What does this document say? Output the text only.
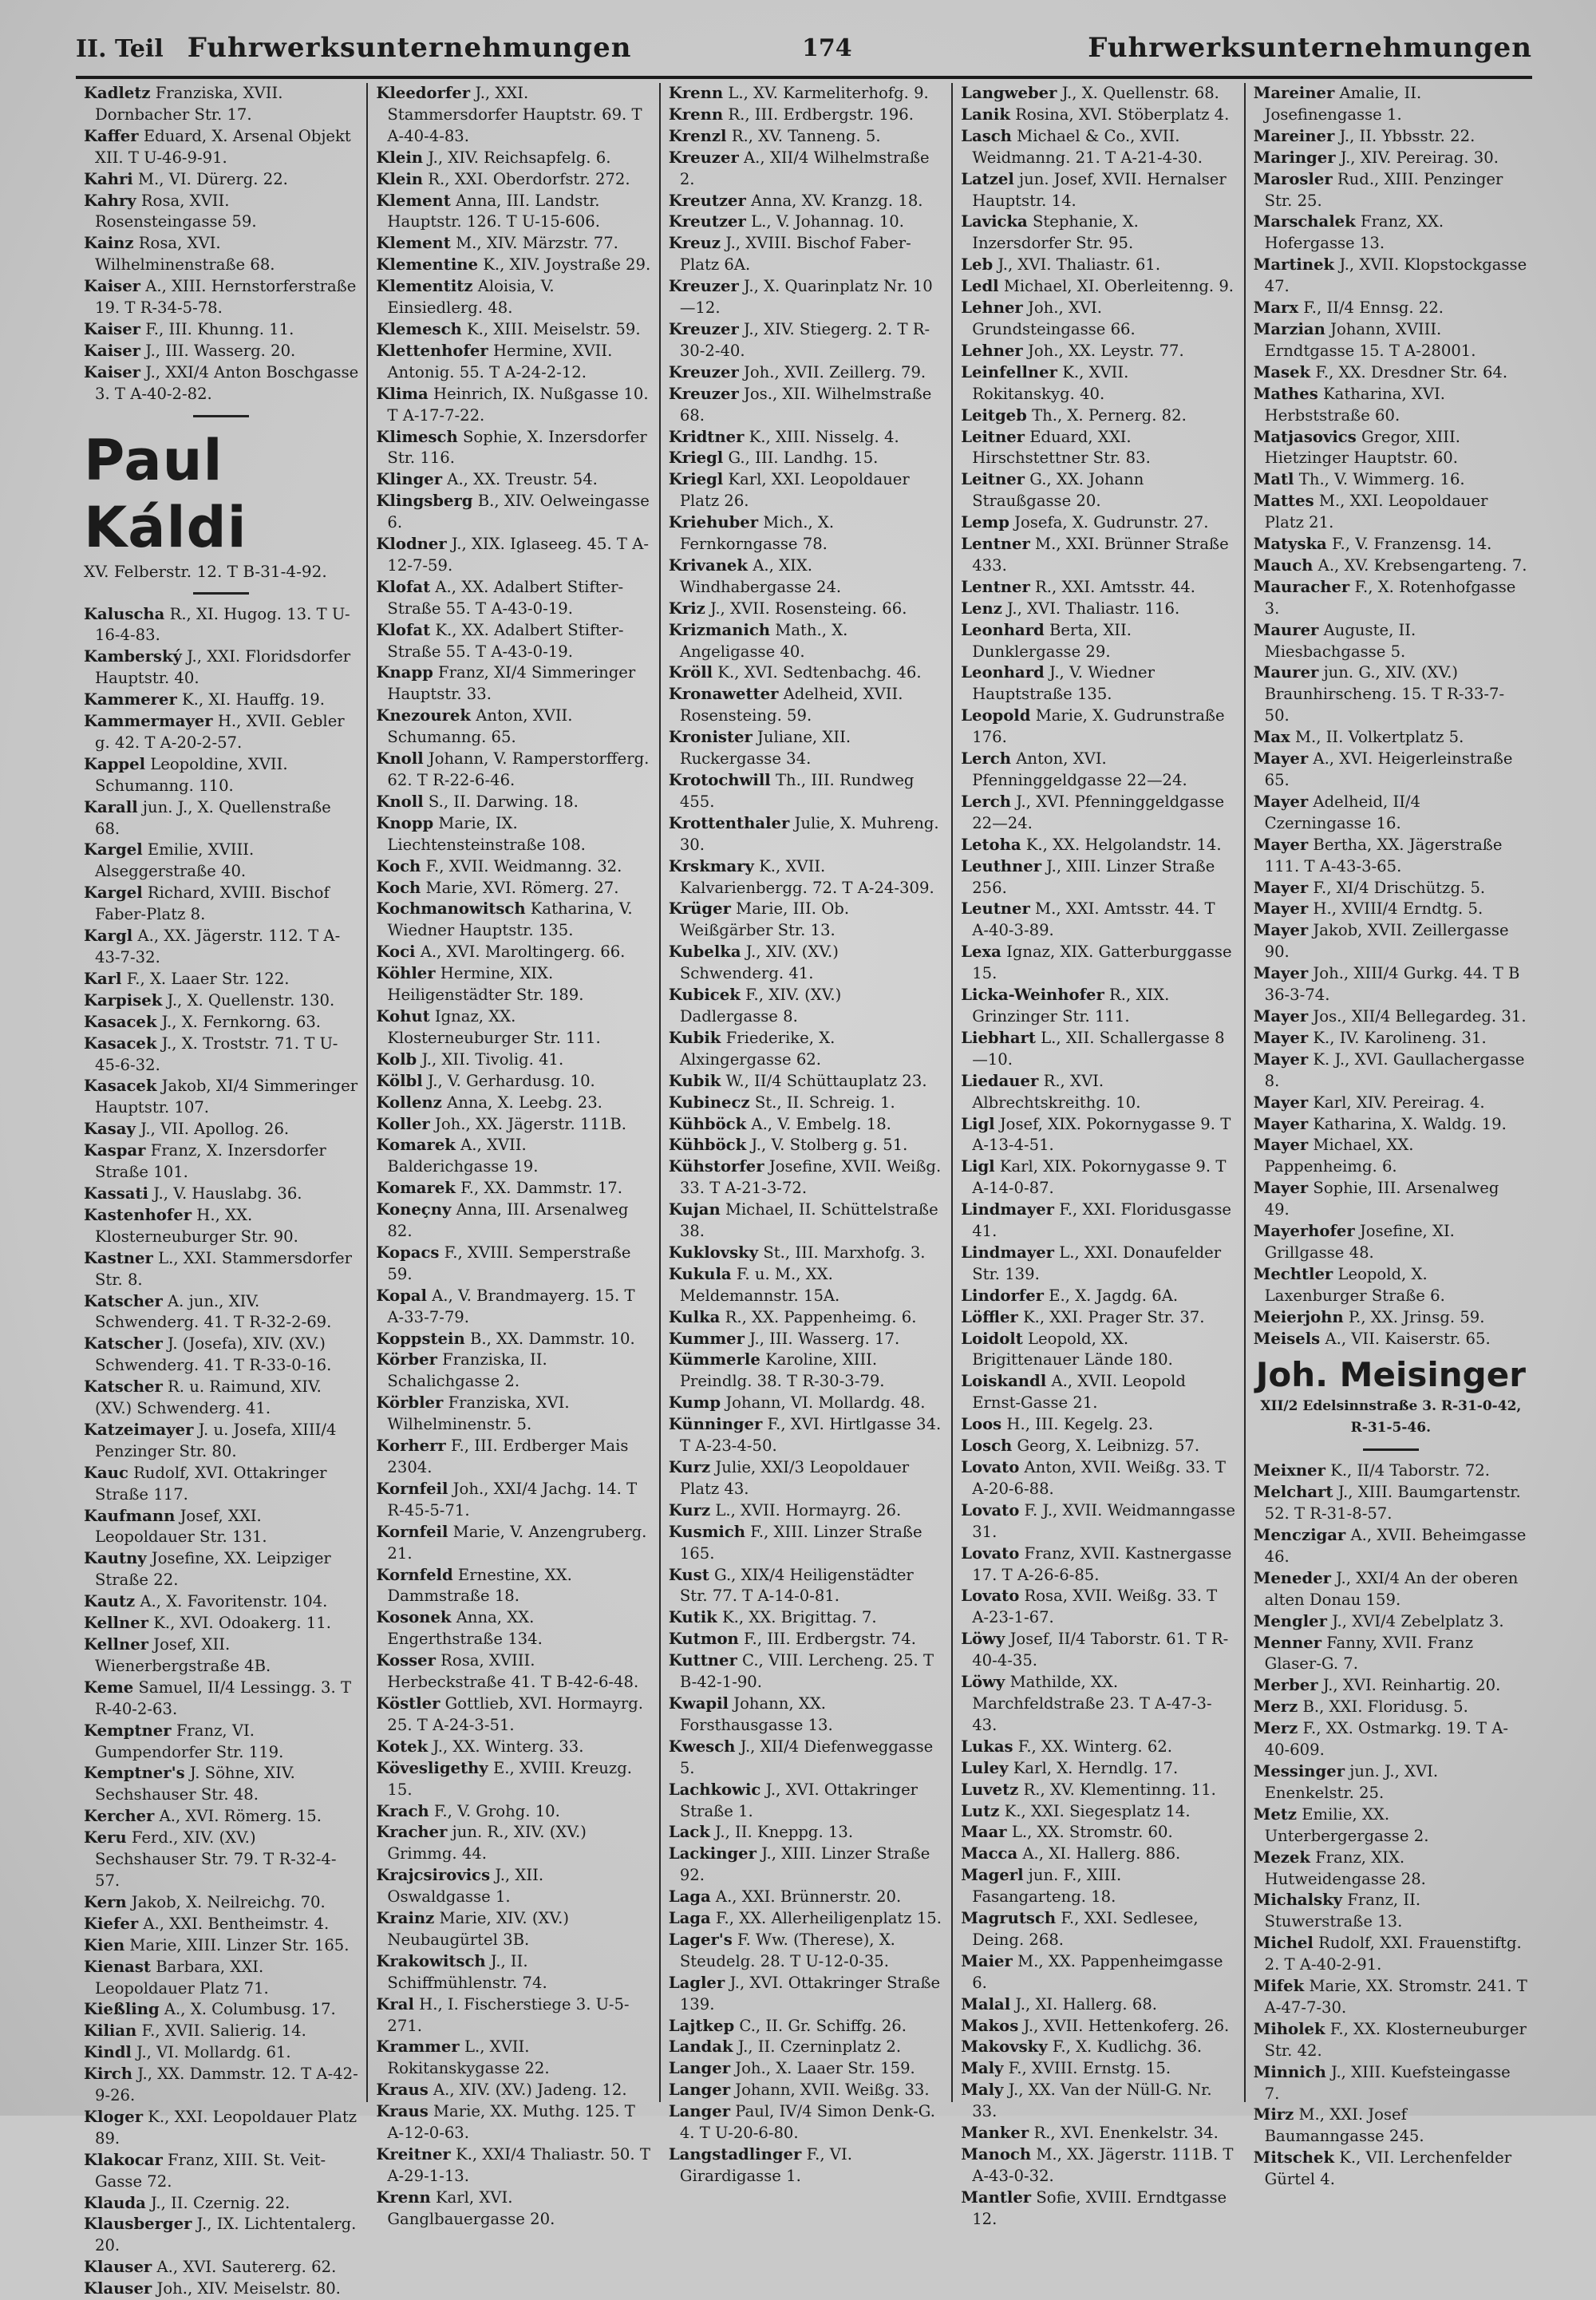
II. Teil Fuhrwerksunternehmungen	174	Fuhrwerksunternehmungen
Kadletz Franziska, XVII. Dornbacher Str. 17.
Kaffer Eduard, X. Arsenal Objekt XII. T U-46-9-91.
Kahri M., VI. Dürerg. 22.
Kahry Rosa, XVII. Rosensteingasse 59.
Kainz Rosa, XVI. Wilhelminenstraße 68.
Kaiser A., XIII. Hernstorferstraße 19. T R-34-5-78.
Kaiser F., III. Khunng. 11.
Kaiser J., III. Wasserg. 20.
Kaiser J., XXI/4 Anton Boschgasse 3. T A-40-2-82.
Paul Káldi
XV. Felberstr. 12. T B-31-4-92.
Kaluscha R., XI. Hugog. 13. T U-16-4-83.
Kamberský J., XXI. Floridsdorfer Hauptstr. 40.
Kammerer K., XI. Hauffg. 19.
Kammermayer H., XVII. Gebler g. 42. T A-20-2-57.
Kappel Leopoldine, XVII. Schumanng. 110.
Karall jun. J., X. Quellenstraße 68.
Kargel Emilie, XVIII. Alseggerstraße 40.
Kargel Richard, XVIII. Bischof Faber-Platz 8.
Kargl A., XX. Jägerstr. 112. T A-43-7-32.
Karl F., X. Laaer Str. 122.
Karpisek J., X. Quellenstr. 130.
Kasacek J., X. Fernkorng. 63.
Kasacek J., X. Troststr. 71. T U-45-6-32.
Kasacek Jakob, XI/4 Simmeringer Hauptstr. 107.
Kasay J., VII. Apollog. 26.
Kaspar Franz, X. Inzersdorfer Straße 101.
Kassati J., V. Hauslabg. 36.
Kastenhofer H., XX. Klosterneuburger Str. 90.
Kastner L., XXI. Stammersdorfer Str. 8.
Katscher A. jun., XIV. Schwenderg. 41. T R-32-2-69.
Katscher J. (Josefa), XIV. (XV.) Schwenderg. 41. T R-33-0-16.
Katscher R. u. Raimund, XIV. (XV.) Schwenderg. 41.
Katzeimayer J. u. Josefa, XIII/4 Penzinger Str. 80.
Kauc Rudolf, XVI. Ottakringer Straße 117.
Kaufmann Josef, XXI. Leopoldauer Str. 131.
Kautny Josefine, XX. Leipziger Straße 22.
Kautz A., X. Favoritenstr. 104.
Kellner K., XVI. Odoakerg. 11.
Kellner Josef, XII. Wienerbergstraße 4B.
Keme Samuel, II/4 Lessingg. 3. T R-40-2-63.
Kemptner Franz, VI. Gumpendorfer Str. 119.
Kemptner's J. Söhne, XIV. Sechshauser Str. 48.
Kercher A., XVI. Römerg. 15.
Keru Ferd., XIV. (XV.) Sechshauser Str. 79. T R-32-4-57.
Kern Jakob, X. Neilreichg. 70.
Kiefer A., XXI. Bentheimstr. 4.
Kien Marie, XIII. Linzer Str. 165.
Kienast Barbara, XXI. Leopoldauer Platz 71.
Kießling A., X. Columbusg. 17.
Kilian F., XVII. Salierig. 14.
Kindl J., VI. Mollardg. 61.
Kirch J., XX. Dammstr. 12. T A-42-9-26.
Kloger K., XXI. Leopoldauer Platz 89.
Klakocar Franz, XIII. St. Veit-Gasse 72.
Klauda J., II. Czernig. 22.
Klausberger J., IX. Lichtentalerg. 20.
Klauser A., XVI. Sautererg. 62.
Klauser Joh., XIV. Meiselstr. 80.
Kleedorfer J., XXI. Stammersdorfer Hauptstr. 69. T A-40-4-83.
Klein J., XIV. Reichsapfelg. 6.
Klein R., XXI. Oberdorfstr. 272.
Klement Anna, III. Landstr. Hauptstr. 126. T U-15-606.
Klement M., XIV. Märzstr. 77.
Klementine K., XIV. Joystraße 29.
Klementitz Aloisia, V. Einsiedlerg. 48.
Klemesch K., XIII. Meiselstr. 59.
Klettenhofer Hermine, XVII. Antonig. 55. T A-24-2-12.
Klima Heinrich, IX. Nußgasse 10. T A-17-7-22.
Klimesch Sophie, X. Inzersdorfer Str. 116.
Klinger A., XX. Treustr. 54.
Klingsberg B., XIV. Oelweingasse 6.
Klodner J., XIX. Iglaseeg. 45. T A-12-7-59.
Klofat A., XX. Adalbert Stifter-Straße 55. T A-43-0-19.
Klofat K., XX. Adalbert Stifter-Straße 55. T A-43-0-19.
Knapp Franz, XI/4 Simmeringer Hauptstr. 33.
Knezourek Anton, XVII. Schumanng. 65.
Knoll Johann, V. Ramperstorfferg. 62. T R-22-6-46.
Knoll S., II. Darwing. 18.
Knopp Marie, IX. Liechtensteinstraße 108.
Koch F., XVII. Weidmanng. 32.
Koch Marie, XVI. Römerg. 27.
Kochmanowitsch Katharina, V. Wiedner Hauptstr. 135.
Koci A., XVI. Maroltingerg. 66.
Köhler Hermine, XIX. Heiligenstädter Str. 189.
Kohut Ignaz, XX. Klosterneuburger Str. 111.
Kolb J., XII. Tivolig. 41.
Kölbl J., V. Gerhardusg. 10.
Kollenz Anna, X. Leebg. 23.
Koller Joh., XX. Jägerstr. 111B.
Komarek A., XVII. Balderichgasse 19.
Komarek F., XX. Dammstr. 17.
Koneçny Anna, III. Arsenalweg 82.
Kopacs F., XVIII. Semperstraße 59.
Kopal A., V. Brandmayerg. 15. T A-33-7-79.
Koppstein B., XX. Dammstr. 10.
Körber Franziska, II. Schalichgasse 2.
Körbler Franziska, XVI. Wilhelminenstr. 5.
Korherr F., III. Erdberger Mais 2304.
Kornfeil Joh., XXI/4 Jachg. 14. T R-45-5-71.
Kornfeil Marie, V. Anzengruberg. 21.
Kornfeld Ernestine, XX. Dammstraße 18.
Kosonek Anna, XX. Engerthstraße 134.
Kosser Rosa, XVIII. Herbeckstraße 41. T B-42-6-48.
Köstler Gottlieb, XVI. Hormayrg. 25. T A-24-3-51.
Kotek J., XX. Winterg. 33.
Kövesligethy E., XVIII. Kreuzg. 15.
Krach F., V. Grohg. 10.
Kracher jun. R., XIV. (XV.) Grimmg. 44.
Krajcsirovics J., XII. Oswaldgasse 1.
Krainz Marie, XIV. (XV.) Neubaugürtel 3B.
Krakowitsch J., II. Schiffmühlenstr. 74.
Kral H., I. Fischerstiege 3. U-5-271.
Krammer L., XVII. Rokitanskygasse 22.
Kraus A., XIV. (XV.) Jadeng. 12.
Kraus Marie, XX. Muthg. 125. T A-12-0-63.
Kreitner K., XXI/4 Thaliastr. 50. T A-29-1-13.
Krenn Karl, XVI. Ganglbauergasse 20.
Krenn L., XV. Karmeliterhofg. 9.
Krenn R., III. Erdbergstr. 196.
Krenzl R., XV. Tanneng. 5.
Kreuzer A., XII/4 Wilhelmstraße 2.
Kreutzer Anna, XV. Kranzg. 18.
Kreutzer L., V. Johannag. 10.
Kreuz J., XVIII. Bischof Faber-Platz 6A.
Kreuzer J., X. Quarinplatz Nr. 10—12.
Kreuzer J., XIV. Stiegerg. 2. T R-30-2-40.
Kreuzer Joh., XVII. Zeillerg. 79.
Kreuzer Jos., XII. Wilhelmstraße 68.
Kridtner K., XIII. Nisselg. 4.
Kriegl G., III. Landhg. 15.
Kriegl Karl, XXI. Leopoldauer Platz 26.
Kriehuber Mich., X. Fernkorngasse 78.
Krivanek A., XIX. Windhabergasse 24.
Kriz J., XVII. Rosensteing. 66.
Krizmanich Math., X. Angeligasse 40.
Kröll K., XVI. Sedtenbachg. 46.
Kronawetter Adelheid, XVII. Rosensteing. 59.
Kronister Juliane, XII. Ruckergasse 34.
Krotochwill Th., III. Rundweg 455.
Krottenthaler Julie, X. Muhreng. 30.
Krskmary K., XVII. Kalvarienbergg. 72. T A-24-309.
Krüger Marie, III. Ob. Weißgärber Str. 13.
Kubelka J., XIV. (XV.) Schwenderg. 41.
Kubicek F., XIV. (XV.) Dadlergasse 8.
Kubik Friederike, X. Alxingergasse 62.
Kubik W., II/4 Schüttauplatz 23.
Kubinecz St., II. Schreig. 1.
Kühböck A., V. Embelg. 18.
Kühböck J., V. Stolberg g. 51.
Kühstorfer Josefine, XVII. Weißg. 33. T A-21-3-72.
Kujan Michael, II. Schüttelstraße 38.
Kuklovsky St., III. Marxhofg. 3.
Kukula F. u. M., XX. Meldemannstr. 15A.
Kulka R., XX. Pappenheimg. 6.
Kummer J., III. Wasserg. 17.
Kümmerle Karoline, XIII. Preindlg. 38. T R-30-3-79.
Kump Johann, VI. Mollardg. 48.
Künninger F., XVI. Hirtlgasse 34. T A-23-4-50.
Kurz Julie, XXI/3 Leopoldauer Platz 43.
Kurz L., XVII. Hormayrg. 26.
Kusmich F., XIII. Linzer Straße 165.
Kust G., XIX/4 Heiligenstädter Str. 77. T A-14-0-81.
Kutik K., XX. Brigittag. 7.
Kutmon F., III. Erdbergstr. 74.
Kuttner C., VIII. Lercheng. 25. T B-42-1-90.
Kwapil Johann, XX. Forsthausgasse 13.
Kwesch J., XII/4 Diefenweggasse 5.
Lachkowic J., XVI. Ottakringer Straße 1.
Lack J., II. Kneppg. 13.
Lackinger J., XIII. Linzer Straße 92.
Laga A., XXI. Brünnerstr. 20.
Laga F., XX. Allerheiligenplatz 15.
Lager's F. Ww. (Therese), X. Steudelg. 28. T U-12-0-35.
Lagler J., XVI. Ottakringer Straße 139.
Lajtkep C., II. Gr. Schiffg. 26.
Landak J., II. Czerninplatz 2.
Langer Joh., X. Laaer Str. 159.
Langer Johann, XVII. Weißg. 33.
Langer Paul, IV/4 Simon Denk-G. 4. T U-20-6-80.
Langstadlinger F., VI. Girardigasse 1.
Langweber J., X. Quellenstr. 68.
Lanik Rosina, XVI. Stöberplatz 4.
Lasch Michael & Co., XVII. Weidmanng. 21. T A-21-4-30.
Latzel jun. Josef, XVII. Hernalser Hauptstr. 14.
Lavicka Stephanie, X. Inzersdorfer Str. 95.
Leb J., XVI. Thaliastr. 61.
Ledl Michael, XI. Oberleitenng. 9.
Lehner Joh., XVI. Grundsteingasse 66.
Lehner Joh., XX. Leystr. 77.
Leinfellner K., XVII. Rokitanskyg. 40.
Leitgeb Th., X. Pernerg. 82.
Leitner Eduard, XXI. Hirschstettner Str. 83.
Leitner G., XX. Johann Straußgasse 20.
Lemp Josefa, X. Gudrunstr. 27.
Lentner M., XXI. Brünner Straße 433.
Lentner R., XXI. Amtsstr. 44.
Lenz J., XVI. Thaliastr. 116.
Leonhard Berta, XII. Dunklergasse 29.
Leonhard J., V. Wiedner Hauptstraße 135.
Leopold Marie, X. Gudrunstraße 176.
Lerch Anton, XVI. Pfenninggeldgasse 22—24.
Lerch J., XVI. Pfenninggeldgasse 22—24.
Letoha K., XX. Helgolandstr. 14.
Leuthner J., XIII. Linzer Straße 256.
Leutner M., XXI. Amtsstr. 44. T A-40-3-89.
Lexa Ignaz, XIX. Gatterburggasse 15.
Licka-Weinhofer R., XIX. Grinzinger Str. 111.
Liebhart L., XII. Schallergasse 8—10.
Liedauer R., XVI. Albrechtskreithg. 10.
Ligl Josef, XIX. Pokornygasse 9. T A-13-4-51.
Ligl Karl, XIX. Pokornygasse 9. T A-14-0-87.
Lindmayer F., XXI. Floridusgasse 41.
Lindmayer L., XXI. Donaufelder Str. 139.
Lindorfer E., X. Jagdg. 6A.
Löffler K., XXI. Prager Str. 37.
Loidolt Leopold, XX. Brigittenauer Lände 180.
Loiskandl A., XVII. Leopold Ernst-Gasse 21.
Loos H., III. Kegelg. 23.
Losch Georg, X. Leibnizg. 57.
Lovato Anton, XVII. Weißg. 33. T A-20-6-88.
Lovato F. J., XVII. Weidmanngasse 31.
Lovato Franz, XVII. Kastnergasse 17. T A-26-6-85.
Lovato Rosa, XVII. Weißg. 33. T A-23-1-67.
Löwy Josef, II/4 Taborstr. 61. T R-40-4-35.
Löwy Mathilde, XX. Marchfeldstraße 23. T A-47-3-43.
Lukas F., XX. Winterg. 62.
Luley Karl, X. Herndlg. 17.
Luvetz R., XV. Klementinng. 11.
Lutz K., XXI. Siegesplatz 14.
Maar L., XX. Stromstr. 60.
Macca A., XI. Hallerg. 886.
Magerl jun. F., XIII. Fasangarteng. 18.
Magrutsch F., XXI. Sedlesee, Deing. 268.
Maier M., XX. Pappenheimgasse 6.
Malal J., XI. Hallerg. 68.
Makos J., XVII. Hettenkoferg. 26.
Makovsky F., X. Kudlichg. 36.
Maly F., XVIII. Ernstg. 15.
Maly J., XX. Van der Nüll-G. Nr. 33.
Manker R., XVI. Enenkelstr. 34.
Manoch M., XX. Jägerstr. 111B. T A-43-0-32.
Mantler Sofie, XVIII. Erndtgasse 12.
Mareiner Amalie, II. Josefinengasse 1.
Mareiner J., II. Ybbsstr. 22.
Maringer J., XIV. Pereirag. 30.
Marosler Rud., XIII. Penzinger Str. 25.
Marschalek Franz, XX. Hofergasse 13.
Martinek J., XVII. Klopstockgasse 47.
Marx F., II/4 Ennsg. 22.
Marzian Johann, XVIII. Erndtgasse 15. T A-28001.
Masek F., XX. Dresdner Str. 64.
Mathes Katharina, XVI. Herbststraße 60.
Matjasovics Gregor, XIII. Hietzinger Hauptstr. 60.
Matl Th., V. Wimmerg. 16.
Mattes M., XXI. Leopoldauer Platz 21.
Matyska F., V. Franzensg. 14.
Mauch A., XV. Krebsengarteng. 7.
Mauracher F., X. Rotenhofgasse 3.
Maurer Auguste, II. Miesbachgasse 5.
Maurer jun. G., XIV. (XV.) Braunhirscheng. 15. T R-33-7-50.
Max M., II. Volkertplatz 5.
Mayer A., XVI. Heigerleinstraße 65.
Mayer Adelheid, II/4 Czerningasse 16.
Mayer Bertha, XX. Jägerstraße 111. T A-43-3-65.
Mayer F., XI/4 Drischützg. 5.
Mayer H., XVIII/4 Erndtg. 5.
Mayer Jakob, XVII. Zeillergasse 90.
Mayer Joh., XIII/4 Gurkg. 44. T B 36-3-74.
Mayer Jos., XII/4 Bellegardeg. 31.
Mayer K., IV. Karolineng. 31.
Mayer K. J., XVI. Gaullachergasse 8.
Mayer Karl, XIV. Pereirag. 4.
Mayer Katharina, X. Waldg. 19.
Mayer Michael, XX. Pappenheimg. 6.
Mayer Sophie, III. Arsenalweg 49.
Mayerhofer Josefine, XI. Grillgasse 48.
Mechtler Leopold, X. Laxenburger Straße 6.
Meierjohn P., XX. Jrinsg. 59.
Meisels A., VII. Kaiserstr. 65.
Joh. Meisinger
XII/2 Edelsinnstraße 3. R-31-0-42, R-31-5-46.
Meixner K., II/4 Taborstr. 72.
Melchart J., XIII. Baumgartenstr. 52. T R-31-8-57.
Menczigar A., XVII. Beheimgasse 46.
Meneder J., XXI/4 An der oberen alten Donau 159.
Mengler J., XVI/4 Zebelplatz 3.
Menner Fanny, XVII. Franz Glaser-G. 7.
Merber J., XVI. Reinhartig. 20.
Merz B., XXI. Floridusg. 5.
Merz F., XX. Ostmarkg. 19. T A-40-609.
Messinger jun. J., XVI. Enenkelstr. 25.
Metz Emilie, XX. Unterbergergasse 2.
Mezek Franz, XIX. Hutweidengasse 28.
Michalsky Franz, II. Stuwerstraße 13.
Michel Rudolf, XXI. Frauenstiftg. 2. T A-40-2-91.
Mifek Marie, XX. Stromstr. 241. T A-47-7-30.
Miholek F., XX. Klosterneuburger Str. 42.
Minnich J., XIII. Kuefsteingasse 7.
Mirz M., XXI. Josef Baumanngasse 245.
Mitschek K., VII. Lerchenfelder Gürtel 4.
